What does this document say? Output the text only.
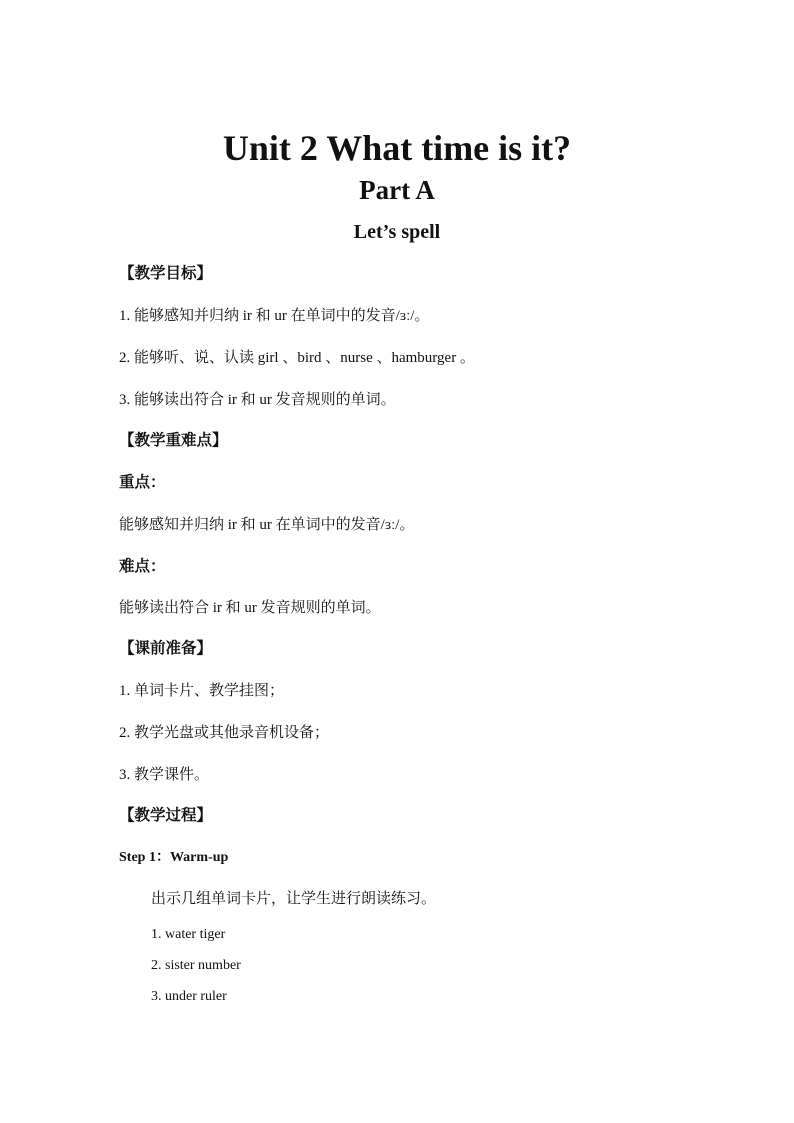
Unit 2 What time is it?
Part A
Let’s spell
【教学目标】
1. 能够感知并归纳 ir 和 ur 在单词中的发音/ɜː/。
2. 能够听、说、认读 girl 、bird 、nurse 、hamburger 。
3. 能够读出符合 ir 和 ur 发音规则的单词。
【教学重难点】
重点：
能够感知并归纳 ir 和 ur 在单词中的发音/ɜː/。
难点：
能够读出符合 ir 和 ur 发音规则的单词。
【课前准备】
1. 单词卡片、教学挂图；
2. 教学光盘或其他录音机设备；
3. 教学课件。
【教学过程】
Step 1：Warm-up
出示几组单词卡片，让学生进行朗读练习。
1. water tiger
2. sister number
3. under ruler
